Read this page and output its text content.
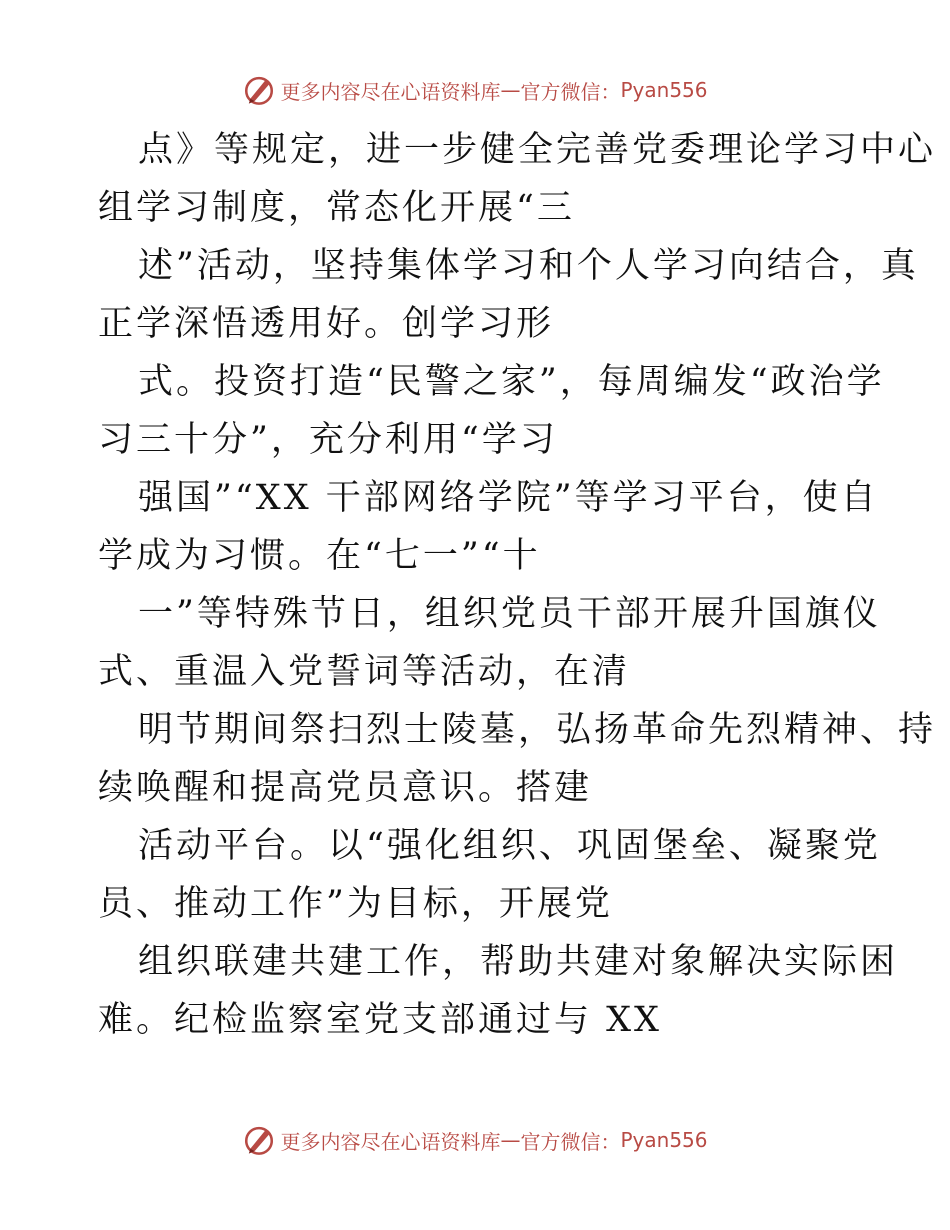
更多内容尽在心语资料库 — 官方微信： Pyan556
点》等规定，进一步健全完善党委理论学习中心
组学习制度，常态化开展“三
述”活动，坚持集体学习和个人学习向结合，真
正学深悟透用好。创学习形
式。投资打造“民警之家”，每周编发“政治学
习三十分”，充分利用“学习
强国”“XX 干部网络学院”等学习平台，使自
学成为习惯。在“七一”“十
一”等特殊节日，组织党员干部开展升国旗仪
式、重温入党誓词等活动，在清
明节期间祭扫烈士陵墓，弘扬革命先烈精神、持
续唤醒和提高党员意识。搭建
活动平台。以“强化组织、巩固堡垒、凝聚党
员、推动工作”为目标，开展党
组织联建共建工作，帮助共建对象解决实际困
难。纪检监察室党支部通过与 XX
更多内容尽在心语资料库 — 官方微信： Pyan556
